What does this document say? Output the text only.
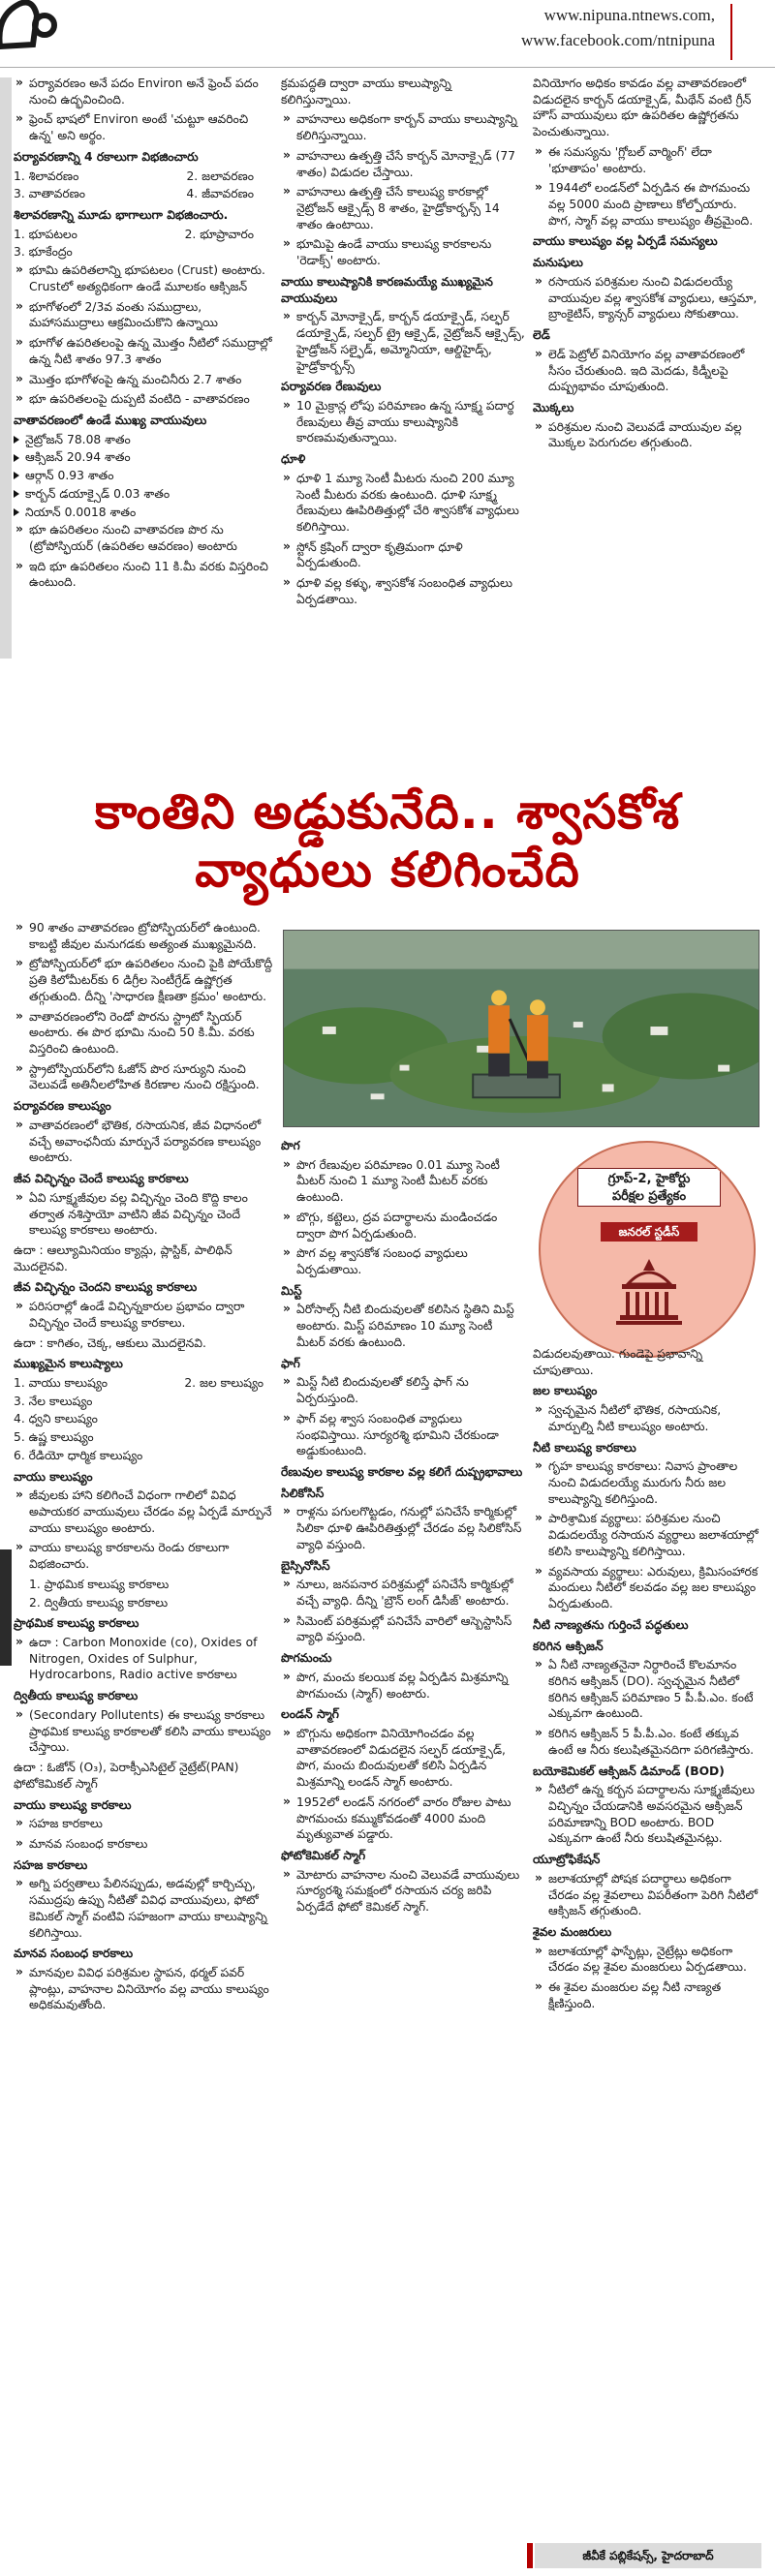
www.nipuna.ntnews.com,
www.facebook.com/ntnipuna
» పర్యావరణం అనే పదం Environ అనే ఫ్రెంచ్ పదం నుంచి ఉద్భవించింది.
» ఫ్రెంచ్ భాషలో Environ అంటే 'చుట్టూ ఆవరించి ఉన్న' అని అర్థం.
పర్యావరణాన్ని 4 రకాలుగా విభజించారు
1. శిలావరణం	2. జలావరణం
3. వాతావరణం	4. జీవావరణం
శిలావరణాన్ని మూడు భాగాలుగా విభజించారు.
1. భూపటలం	2. భూప్రావారం
3. భూకేంద్రం
» భూమి ఉపరితలాన్ని భూపటలం (Crust) అంటారు. Crustలో అత్యధికంగా ఉండే మూలకం ఆక్సిజన్
» భూగోళంలో 2/3వ వంతు సముద్రాలు, మహాసముద్రాలు ఆక్రమించుకొని ఉన్నాయి
» భూగోళ ఉపరితలంపై ఉన్న మొత్తం నీటిలో సముద్రాల్లో ఉన్న నీటి శాతం 97.3 శాతం
» మొత్తం భూగోళంపై ఉన్న మంచినీరు 2.7 శాతం
» భూ ఉపరితలంపై దుప్పటి వంటిది - వాతావరణం
వాతావరణంలో ఉండే ముఖ్య వాయువులు
నైట్రోజన్ 78.08 శాతం
ఆక్సిజన్ 20.94 శాతం
ఆర్గాన్ 0.93 శాతం
కార్బన్ డయాక్సైడ్ 0.03 శాతం
నియాన్ 0.0018 శాతం
» భూ ఉపరితలం నుంచి వాతావరణ పొర ను (ట్రోపోస్ఫియర్ (ఉపరితల ఆవరణం) అంటారు
» ఇది భూ ఉపరితలం నుంచి 11 కి.మీ వరకు విస్తరించి ఉంటుంది.
క్రమపద్ధతి ద్వారా వాయు కాలుష్యాన్ని కలిగిస్తున్నాయి.
» వాహనాలు అధికంగా కార్బన్ వాయు కాలుష్యాన్ని కలిగిస్తున్నాయి.
» వాహనాలు ఉత్పత్తి చేసే కార్బన్ మోనాక్సైడ్ (77 శాతం) విడుదల చేస్తాయి.
» వాహనాలు ఉత్పత్తి చేసే కాలుష్య కారకాల్లో నైట్రోజన్ ఆక్సైడ్స్ 8 శాతం, హైడ్రోకార్బన్స్ 14 శాతం ఉంటాయి.
» భూమిపై ఉండే వాయు కాలుష్య కారకాలను 'రెడాక్స్' అంటారు.
వాయు కాలుష్యానికి కారణమయ్యే ముఖ్యమైన వాయువులు
» కార్బన్ మోనాక్సైడ్, కార్బన్ డయాక్సైడ్, సల్ఫర్ డయాక్సైడ్, సల్ఫర్ ట్రై ఆక్సైడ్, నైట్రోజన్ ఆక్సైడ్స్, హైడ్రోజన్ సల్ఫైడ్, అమ్మోనియా, ఆల్డిహైడ్స్, హైడ్రోకార్బన్స్
పర్యావరణ రేణువులు
» 10 మైక్రాన్ల లోపు పరిమాణం ఉన్న సూక్ష్మ పదార్థ రేణువులు తీవ్ర వాయు కాలుష్యానికి కారణమవుతున్నాయి.
ధూళి
» ధూళి 1 మ్యూ సెంటీ మీటరు నుంచి 200 మ్యూ సెంటీ మీటరు వరకు ఉంటుంది. ధూళి సూక్ష్మ రేణువులు ఊపిరితిత్తుల్లో చేరి శ్వాసకోశ వ్యాధులు కలిగిస్తాయి.
» స్టోన్ క్రషింగ్ ద్వారా కృత్రిమంగా ధూళి ఏర్పడుతుంది.
» ధూళి వల్ల కళ్ళు, శ్వాసకోశ సంబంధిత వ్యాధులు ఏర్పడతాయి.
వినియోగం అధికం కావడం వల్ల వాతావరణంలో విడుదలైన కార్బన్ డయాక్సైడ్, మీథేన్ వంటి గ్రీన్ హౌస్ వాయువులు భూ ఉపరితల ఉష్ణోగ్రతను పెంచుతున్నాయి.
» ఈ సమస్యను 'గ్లోబల్ వార్మింగ్' లేదా 'భూతాపం' అంటారు.
» 1944లో లండన్‌లో ఏర్పడిన ఈ పొగమంచు వల్ల 5000 మంది ప్రాణాలు కోల్పోయారు. పొగ, స్మాగ్ వల్ల వాయు కాలుష్యం తీవ్రమైంది.
వాయు కాలుష్యం వల్ల ఏర్పడే సమస్యలు
మనుషులు
» రసాయన పరిశ్రమల నుంచి విడుదలయ్యే వాయువుల వల్ల శ్వాసకోశ వ్యాధులు, ఆస్తమా, బ్రాంకైటిస్, క్యాన్సర్ వ్యాధులు సోకుతాయి.
లెడ్
» లెడ్ పెట్రోల్ వినియోగం వల్ల వాతావరణంలో సీసం చేరుతుంది. ఇది మెదడు, కిడ్నీలపై దుష్ప్రభావం చూపుతుంది.
మొక్కలు
» పరిశ్రమల నుంచి వెలువడే వాయువుల వల్ల మొక్కల పెరుగుదల తగ్గుతుంది.
కాంతిని అడ్డుకునేది.. శ్వాసకోశ
వ్యాధులు కలిగించేది
గ్రూప్-2, హైకోర్టు
పరీక్షల ప్రత్యేకం
జనరల్ స్టడీస్
» 90 శాతం వాతావరణం ట్రోపోస్ఫియర్‌లో ఉంటుంది. కాబట్టి జీవుల మనుగడకు అత్యంత ముఖ్యమైనది.
» ట్రోపోస్ఫియర్‌లో భూ ఉపరితలం నుంచి పైకి పోయేకొద్దీ ప్రతి కిలోమీటర్‌కు 6 డిగ్రీల సెంటీగ్రేడ్ ఉష్ణోగ్రత తగ్గుతుంది. దీన్ని 'సాధారణ క్షీణతా క్రమం' అంటారు.
» వాతావరణంలోని రెండో పొరను స్ట్రాటో స్ఫియర్ అంటారు. ఈ పొర భూమి నుంచి 50 కి.మీ. వరకు విస్తరించి ఉంటుంది.
» స్ట్రాటోస్ఫియర్‌లోని ఓజోన్ పొర సూర్యుని నుంచి వెలువడే అతినీలలోహిత కిరణాల నుంచి రక్షిస్తుంది.
పర్యావరణ కాలుష్యం
» వాతావరణంలో భౌతిక, రసాయనిక, జీవ విధానంలో వచ్చే అవాంఛనీయ మార్పునే పర్యావరణ కాలుష్యం అంటారు.
జీవ విచ్ఛిన్నం చెందే కాలుష్య కారకాలు
» ఏవి సూక్ష్మజీవుల వల్ల విచ్ఛిన్నం చెంది కొద్ది కాలం తర్వాత నశిస్తాయో వాటిని జీవ విచ్ఛిన్నం చెందే కాలుష్య కారకాలు అంటారు.
ఉదా : ఆల్యూమినియం క్యాన్లు, ప్లాస్టిక్, పాలిథిన్ మొదలైనవి.
జీవ విచ్ఛిన్నం చెందని కాలుష్య కారకాలు
» పరిసరాల్లో ఉండే విచ్ఛిన్నకారుల ప్రభావం ద్వారా విచ్ఛిన్నం చెందే కాలుష్య కారకాలు.
ఉదా : కాగితం, చెక్క, ఆకులు మొదలైనవి.
ముఖ్యమైన కాలుష్యాలు
1. వాయు కాలుష్యం	2. జల కాలుష్యం
3. నేల కాలుష్యం
4. ధ్వని కాలుష్యం
5. ఉష్ణ కాలుష్యం
6. రేడియో ధార్మిక కాలుష్యం
వాయు కాలుష్యం
» జీవులకు హాని కలిగించే విధంగా గాలిలో వివిధ అపాయకర వాయువులు చేరడం వల్ల ఏర్పడే మార్పునే వాయు కాలుష్యం అంటారు.
» వాయు కాలుష్య కారకాలను రెండు రకాలుగా విభజించారు.
1. ప్రాథమిక కాలుష్య కారకాలు
2. ద్వితీయ కాలుష్య కారకాలు
ప్రాథమిక కాలుష్య కారకాలు
» ఉదా : Carbon Monoxide (co), Oxides of Nitrogen, Oxides of Sulphur, Hydrocarbons, Radio active కారకాలు
ద్వితీయ కాలుష్య కారకాలు
» (Secondary Pollutents) ఈ కాలుష్య కారకాలు ప్రాథమిక కాలుష్య కారకాలతో కలిసి వాయు కాలుష్యం చేస్తాయి.
ఉదా : ఓజోన్ (O₃), పెరాక్సీఎసిటైల్ నైట్రేట్(PAN) ఫోటోకెమికల్ స్మాగ్
వాయు కాలుష్య కారకాలు
» సహజ కారకాలు
» మానవ సంబంధ కారకాలు
సహజ కారకాలు
» అగ్ని పర్వతాలు పేలినప్పుడు, అడవుల్లో కార్చిచ్చు, సముద్రపు ఉప్పు నీటితో వివిధ వాయువులు, ఫోటో కెమికల్ స్మాగ్ వంటివి సహజంగా వాయు కాలుష్యాన్ని కలిగిస్తాయి.
మానవ సంబంధ కారకాలు
» మానవుల వివిధ పరిశ్రమల స్థాపన, థర్మల్ పవర్ ప్లాంట్లు, వాహనాల వినియోగం వల్ల వాయు కాలుష్యం అధికమవుతోంది.
పొగ
» పొగ రేణువుల పరిమాణం 0.01 మ్యూ సెంటీ మీటర్ నుంచి 1 మ్యూ సెంటీ మీటర్ వరకు ఉంటుంది.
» బొగ్గు, కట్టెలు, ద్రవ పదార్థాలను మండించడం ద్వారా పొగ ఏర్పడుతుంది.
» పొగ వల్ల శ్వాసకోశ సంబంధ వ్యాధులు ఏర్పడుతాయి.
మిస్ట్
» ఏరోసాల్స్ నీటి బిందువులతో కలిసిన స్థితిని మిస్ట్ అంటారు. మిస్ట్ పరిమాణం 10 మ్యూ సెంటీ మీటర్ వరకు ఉంటుంది.
ఫాగ్
» మిస్ట్ నీటి బిందువులతో కలిస్తే ఫాగ్ ను ఏర్పరుస్తుంది.
» ఫాగ్ వల్ల శ్వాస సంబంధిత వ్యాధులు సంభవిస్తాయి. సూర్యరశ్మి భూమిని చేరకుండా అడ్డుకుంటుంది.
రేణువుల కాలుష్య కారకాల వల్ల కలిగే దుష్ప్రభావాలు
సిలికోసిస్
» రాళ్లను పగులగొట్టడం, గనుల్లో పనిచేసే కార్మికుల్లో సిలికా ధూళి ఊపిరితిత్తుల్లో చేరడం వల్ల సిలికోసిస్ వ్యాధి వస్తుంది.
బైస్సినోసిస్
» నూలు, జనపనార పరిశ్రమల్లో పనిచేసే కార్మికుల్లో వచ్చే వ్యాధి. దీన్ని 'బ్రౌన్ లంగ్ డిసీజ్' అంటారు.
» సిమెంట్ పరిశ్రమల్లో పనిచేసే వారిలో ఆస్బెస్టాసిస్ వ్యాధి వస్తుంది.
పొగమంచు
» పొగ, మంచు కలయిక వల్ల ఏర్పడిన మిశ్రమాన్ని పొగమంచు (స్మాగ్) అంటారు.
లండన్ స్మాగ్
» బొగ్గును అధికంగా వినియోగించడం వల్ల వాతావరణంలో విడుదలైన సల్ఫర్ డయాక్సైడ్, పొగ, మంచు బిందువులతో కలిసి ఏర్పడిన మిశ్రమాన్ని లండన్ స్మాగ్ అంటారు.
» 1952లో లండన్ నగరంలో వారం రోజుల పాటు పొగమంచు కమ్ముకోవడంతో 4000 మంది మృత్యువాత పడ్డారు.
ఫోటోకెమికల్ స్మాగ్
» మోటారు వాహనాల నుంచి వెలువడే వాయువులు సూర్యరశ్మి సమక్షంలో రసాయన చర్య జరిపి ఏర్పడేదే ఫోటో కెమికల్ స్మాగ్.
విడుదలవుతాయి. గుండెపై ప్రభావాన్ని చూపుతాయి.
జల కాలుష్యం
» స్వచ్ఛమైన నీటిలో భౌతిక, రసాయనిక, మార్పుల్ని నీటి కాలుష్యం అంటారు.
నీటి కాలుష్య కారకాలు
» గృహ కాలుష్య కారకాలు: నివాస ప్రాంతాల నుంచి విడుదలయ్యే మురుగు నీరు జల కాలుష్యాన్ని కలిగిస్తుంది.
» పారిశ్రామిక వ్యర్థాలు: పరిశ్రమల నుంచి విడుదలయ్యే రసాయన వ్యర్థాలు జలాశయాల్లో కలిసి కాలుష్యాన్ని కలిగిస్తాయి.
» వ్యవసాయ వ్యర్థాలు: ఎరువులు, క్రిమిసంహారక మందులు నీటిలో కలవడం వల్ల జల కాలుష్యం ఏర్పడుతుంది.
నీటి నాణ్యతను గుర్తించే పద్ధతులు
కరిగిన ఆక్సిజన్
» ఏ నీటి నాణ్యతనైనా నిర్ధారించే కొలమానం కరిగిన ఆక్సిజన్ (DO). స్వచ్ఛమైన నీటిలో కరిగిన ఆక్సిజన్ పరిమాణం 5 పీ.పీ.ఎం. కంటే ఎక్కువగా ఉంటుంది.
» కరిగిన ఆక్సిజన్ 5 పీ.పీ.ఎం. కంటే తక్కువ ఉంటే ఆ నీరు కలుషితమైనదిగా పరిగణిస్తారు.
బయోకెమికల్ ఆక్సిజన్ డిమాండ్ (BOD)
» నీటిలో ఉన్న కర్బన పదార్థాలను సూక్ష్మజీవులు విచ్ఛిన్నం చేయడానికి అవసరమైన ఆక్సిజన్ పరిమాణాన్ని BOD అంటారు. BOD ఎక్కువగా ఉంటే నీరు కలుషితమైనట్లు.
యూట్రోఫికేషన్
» జలాశయాల్లో పోషక పదార్థాలు అధికంగా చేరడం వల్ల శైవలాలు విపరీతంగా పెరిగి నీటిలో ఆక్సిజన్ తగ్గుతుంది.
శైవల మంజరులు
» జలాశయాల్లో ఫాస్ఫేట్లు, నైట్రేట్లు అధికంగా చేరడం వల్ల శైవల మంజరులు ఏర్పడతాయి.
» ఈ శైవల మంజరుల వల్ల నీటి నాణ్యత క్షీణిస్తుంది.
జీవీకే పబ్లికేషన్స్, హైదరాబాద్
